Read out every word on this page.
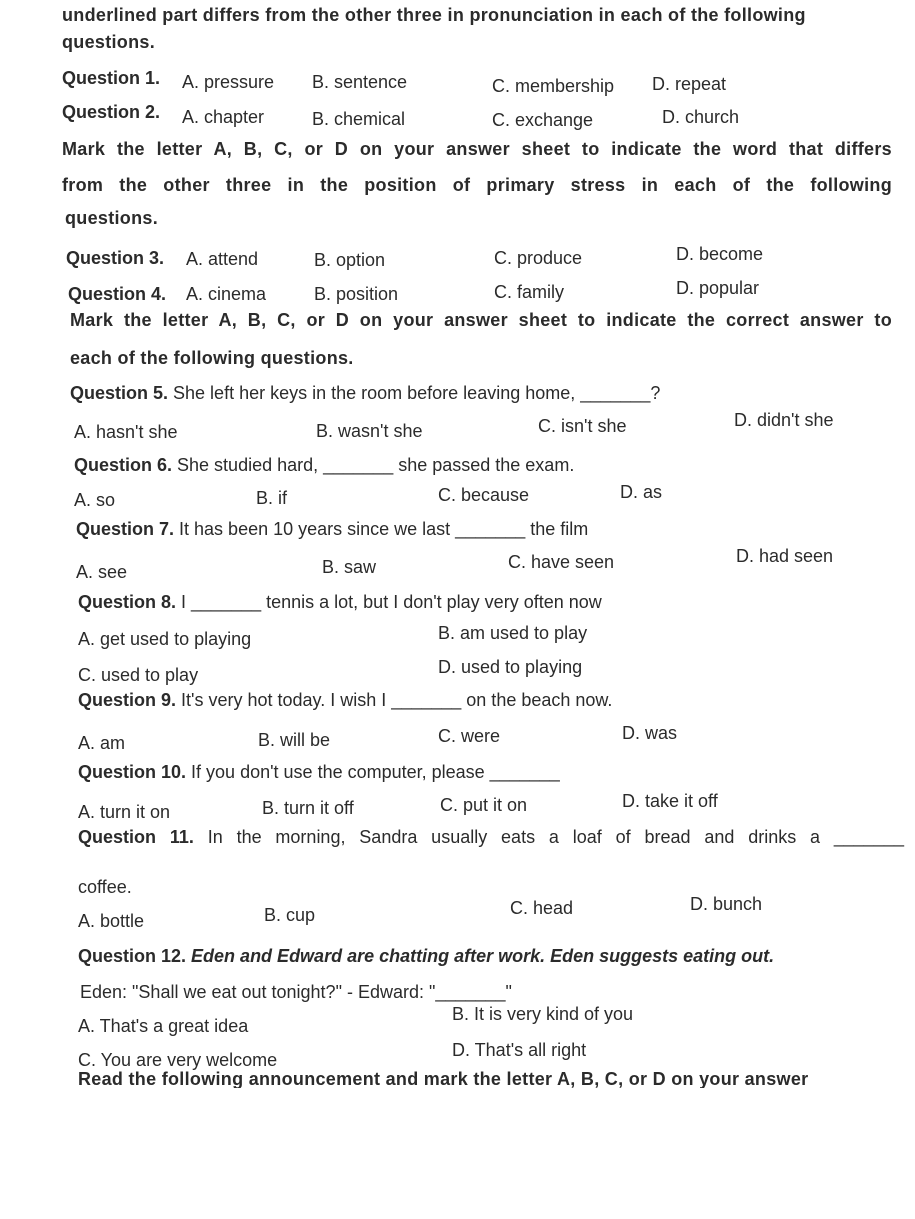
underlined part differs from the other three in pronunciation in each of the following
questions.
Question 1. A. pressure B. sentence	C. membership D. repeat
Question 2. A. chapter	B. chemical	C. exchange	D. church
Mark the letter A, B, C, or D on your answer sheet to indicate the word that differs
from the other three in the position of primary stress in each of the following
questions.
Question 3. A. attend	B. option	C. produce	D. become
Question 4. A. cinema	B. position	C. family	D. popular
Mark the letter A, B, C, or D on your answer sheet to indicate the correct answer to
each of the following questions.
Question 5. She left her keys in the room before leaving home, _______?
A. hasn't she	B. wasn't she	C. isn't she	D. didn't she
Question 6. She studied hard, _______ she passed the exam.
A. so	B. if	C. because	D. as
Question 7. It has been 10 years since we last _______ the film
A. see	B. saw	C. have seen	D. had seen
Question 8. I _______ tennis a lot, but I don't play very often now
A. get used to playing	B. am used to play
C. used to play	D. used to playing
Question 9. It's very hot today. I wish I _______ on the beach now.
A. am	B. will be	C. were	D. was
Question 10. If you don't use the computer, please _______
A. turn it on	B. turn it off	C. put it on	D. take it off
Question 11. In the morning, Sandra usually eats a loaf of bread and drinks a _______
coffee.
A. bottle	B. cup	C. head	D. bunch
Question 12. Eden and Edward are chatting after work. Eden suggests eating out.
Eden: "Shall we eat out tonight?" - Edward: "_______"
A. That's a great idea
B. It is very kind of you
C. You are very welcome	D. That's all right
Read the following announcement and mark the letter A, B, C, or D on your answer
